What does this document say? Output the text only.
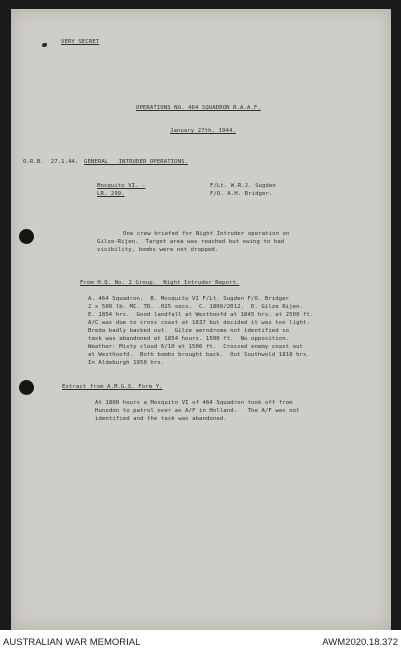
VERY SECRET
OPERATIONS NO. 464 SQUADRON R.A.A.F.
January 27th, 1944.
O.R.B.  27.1.44. GENERAL   INTRUDER OPERATIONS.
Mosquito VI. -
LR. 299.
F/Lt. W.R.J. Sugden
F/O. A.H. Bridger.
One crew briefed for Night Intruder operation on
Gilze-Rijen.  Target area was reached but owing to bad
visibility, bombs were not dropped.
From H.Q. No. 2 Group.  Night Intruder Report.
A. 464 Squadron.  B. Mosquito VI F/Lt. Sugden F/O. Bridger
2 x 500 lb. MC. TD. .025 secs.  C. 1800/2012.  D. Gilze Rijen.
E. 1854 hrs.  Good landfall at Westhoofd at 1845 hrs. at 2500 ft.
A/C was due to cross coast at 1837 but decided it was too light.
Breda badly backed out.  Gilze aerodrome not identified so
task was abandoned at 1854 hours. 1500 ft.  No opposition.
Weather: Misty cloud 6/10 at 1500 ft.  Crossed enemy coast out
at Westhoofd.  Both bombs brought back.  Out Southwold 1818 hrs.
In Aldeburgh 1950 hrs.
Extract from A.M.G.S. Form Y.
At 1800 hours a Mosquito VI of 464 Squadron took off from
Hunsdon to patrol over an A/F in Holland.   The A/F was not
identified and the task was abandoned.
AUSTRALIAN WAR MEMORIAL	AWM2020.18.372
